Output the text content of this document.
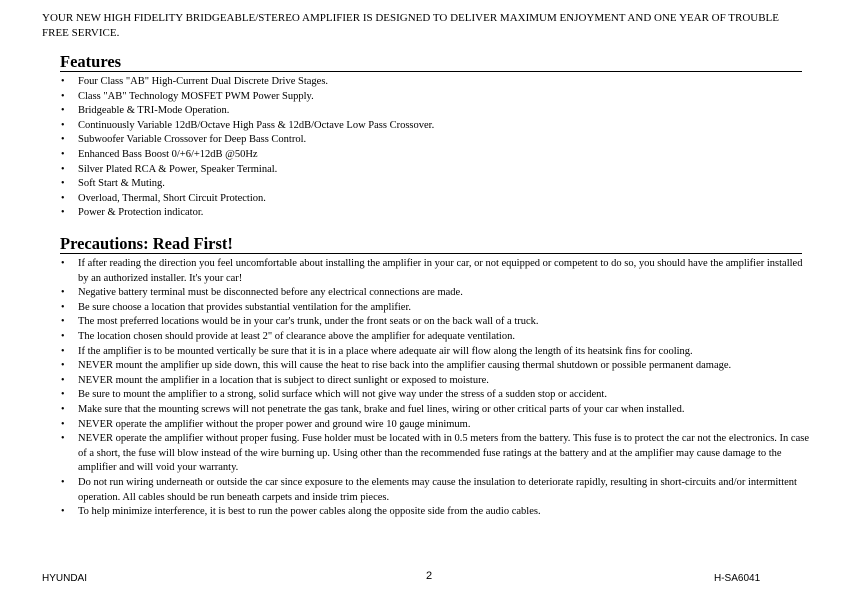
YOUR NEW HIGH FIDELITY BRIDGEABLE/STEREO AMPLIFIER IS DESIGNED TO DELIVER MAXIMUM ENJOYMENT AND ONE YEAR OF TROUBLE FREE SERVICE.
Features
• Four Class "AB" High-Current Dual Discrete Drive Stages.
• Class "AB" Technology MOSFET PWM Power Supply.
• Bridgeable & TRI-Mode Operation.
• Continuously Variable 12dB/Octave High Pass & 12dB/Octave Low Pass Crossover.
• Subwoofer Variable Crossover for Deep Bass Control.
• Enhanced Bass Boost 0/+6/+12dB @50Hz
• Silver Plated RCA & Power, Speaker Terminal.
• Soft Start & Muting.
• Overload, Thermal, Short Circuit Protection.
• Power & Protection indicator.
Precautions: Read First!
• If after reading the direction you feel uncomfortable about installing the amplifier in your car, or not equipped or competent to do so, you should have the amplifier installed by an authorized installer. It's your car!
• Negative battery terminal must be disconnected before any electrical connections are made.
• Be sure choose a location that provides substantial ventilation for the amplifier.
• The most preferred locations would be in your car's trunk, under the front seats or on the back wall of a truck.
• The location chosen should provide at least 2" of clearance above the amplifier for adequate ventilation.
• If the amplifier is to be mounted vertically be sure that it is in a place where adequate air will flow along the length of its heatsink fins for cooling.
• NEVER mount the amplifier up side down, this will cause the heat to rise back into the amplifier causing thermal shutdown or possible permanent damage.
• NEVER mount the amplifier in a location that is subject to direct sunlight or exposed to moisture.
• Be sure to mount the amplifier to a strong, solid surface which will not give way under the stress of a sudden stop or accident.
• Make sure that the mounting screws will not penetrate the gas tank, brake and fuel lines, wiring or other critical parts of your car when installed.
• NEVER operate the amplifier without the proper power and ground wire 10 gauge minimum.
• NEVER operate the amplifier without proper fusing. Fuse holder must be located with in 0.5 meters from the battery. This fuse is to protect the car not the electronics. In case of a short, the fuse will blow instead of the wire burning up. Using other than the recommended fuse ratings at the battery and at the amplifier may cause damage to the amplifier and will void your warranty.
• Do not run wiring underneath or outside the car since exposure to the elements may cause the insulation to deteriorate rapidly, resulting in short-circuits and/or intermittent operation. All cables should be run beneath carpets and inside trim pieces.
• To help minimize interference, it is best to run the power cables along the opposite side from the audio cables.
HYUNDAI	2	H-SA6041
